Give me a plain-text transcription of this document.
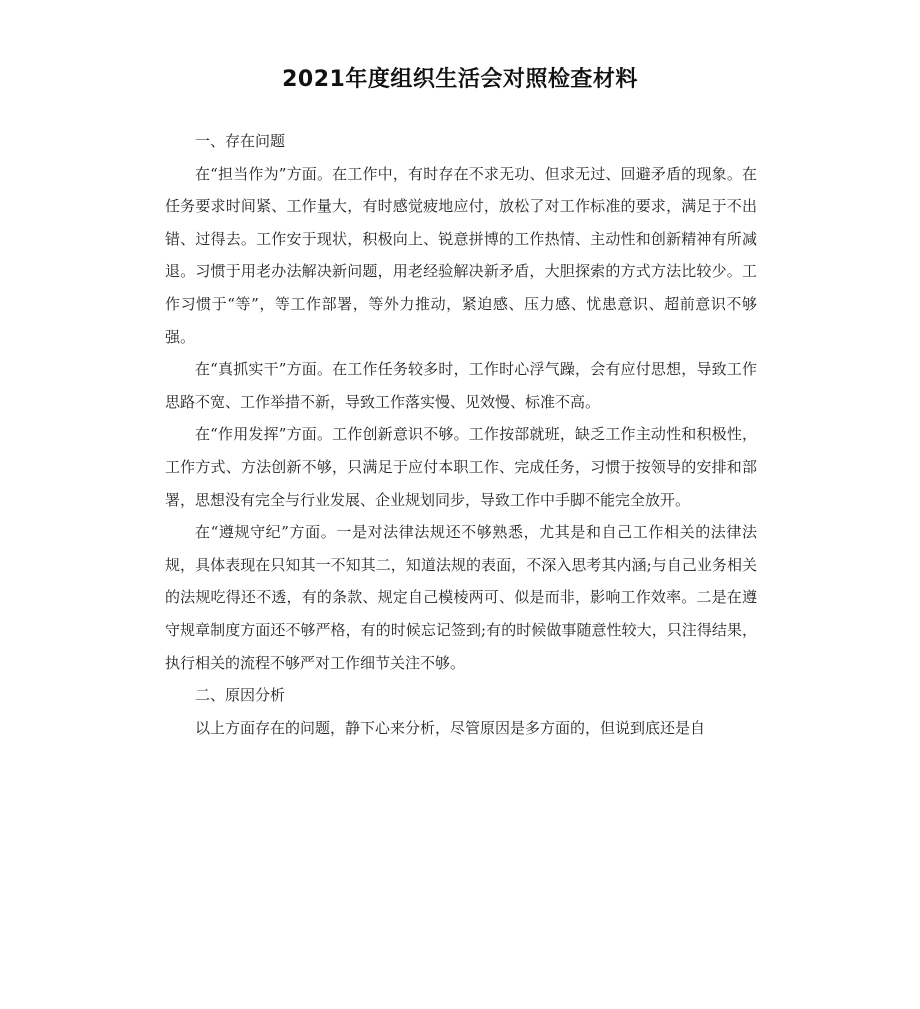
2021年度组织生活会对照检查材料

一、存在问题

在“担当作为”方面。在工作中，有时存在不求无功、但求无过、回避矛盾的现象。在任务要求时间紧、工作量大，有时感觉疲地应付，放松了对工作标准的要求，满足于不出错、过得去。工作安于现状，积极向上、锐意拼博的工作热情、主动性和创新精神有所减退。习惯于用老办法解决新问题，用老经验解决新矛盾，大胆探索的方式方法比较少。工作习惯于“等”，等工作部署，等外力推动，紧迫感、压力感、忧患意识、超前意识不够强。

在“真抓实干”方面。在工作任务较多时，工作时心浮气躁，会有应付思想，导致工作思路不宽、工作举措不新，导致工作落实慢、见效慢、标准不高。

在“作用发挥”方面。工作创新意识不够。工作按部就班，缺乏工作主动性和积极性，工作方式、方法创新不够，只满足于应付本职工作、完成任务，习惯于按领导的安排和部署，思想没有完全与行业发展、企业规划同步，导致工作中手脚不能完全放开。

在“遵规守纪”方面。一是对法律法规还不够熟悉，尤其是和自己工作相关的法律法规，具体表现在只知其一不知其二，知道法规的表面，不深入思考其内涵;与自己业务相关的法规吃得还不透，有的条款、规定自己模棱两可、似是而非，影响工作效率。二是在遵守规章制度方面还不够严格，有的时候忘记签到;有的时候做事随意性较大，只注得结果，执行相关的流程不够严对工作细节关注不够。

二、原因分析

以上方面存在的问题，静下心来分析，尽管原因是多方面的，但说到底还是自
